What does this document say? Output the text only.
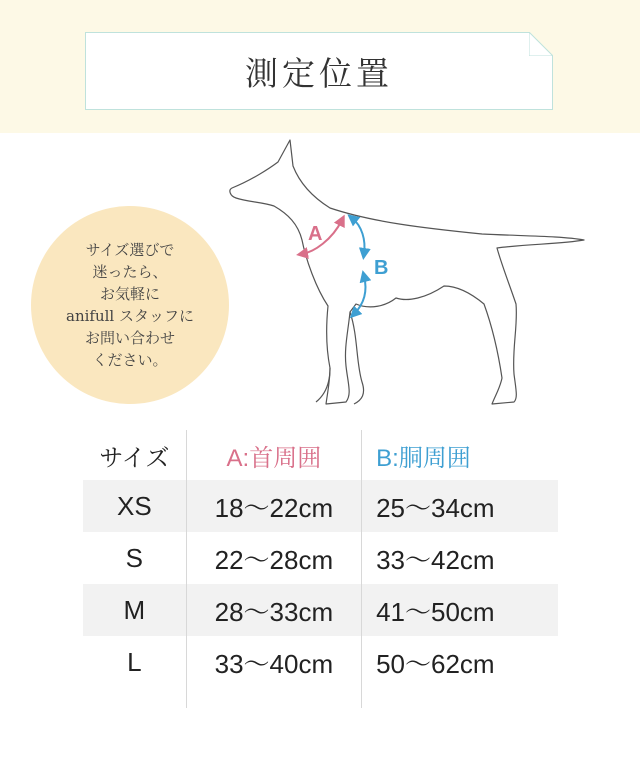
測定位置
サイズ選びで
迷ったら、
お気軽に
anifull スタッフに
お問い合わせ
ください。
A
B
サイズ	A:首周囲	B:胴周囲
XS	18〜22cm	25〜34cm
S	22〜28cm	33〜42cm
M	28〜33cm	41〜50cm
L	33〜40cm	50〜62cm
